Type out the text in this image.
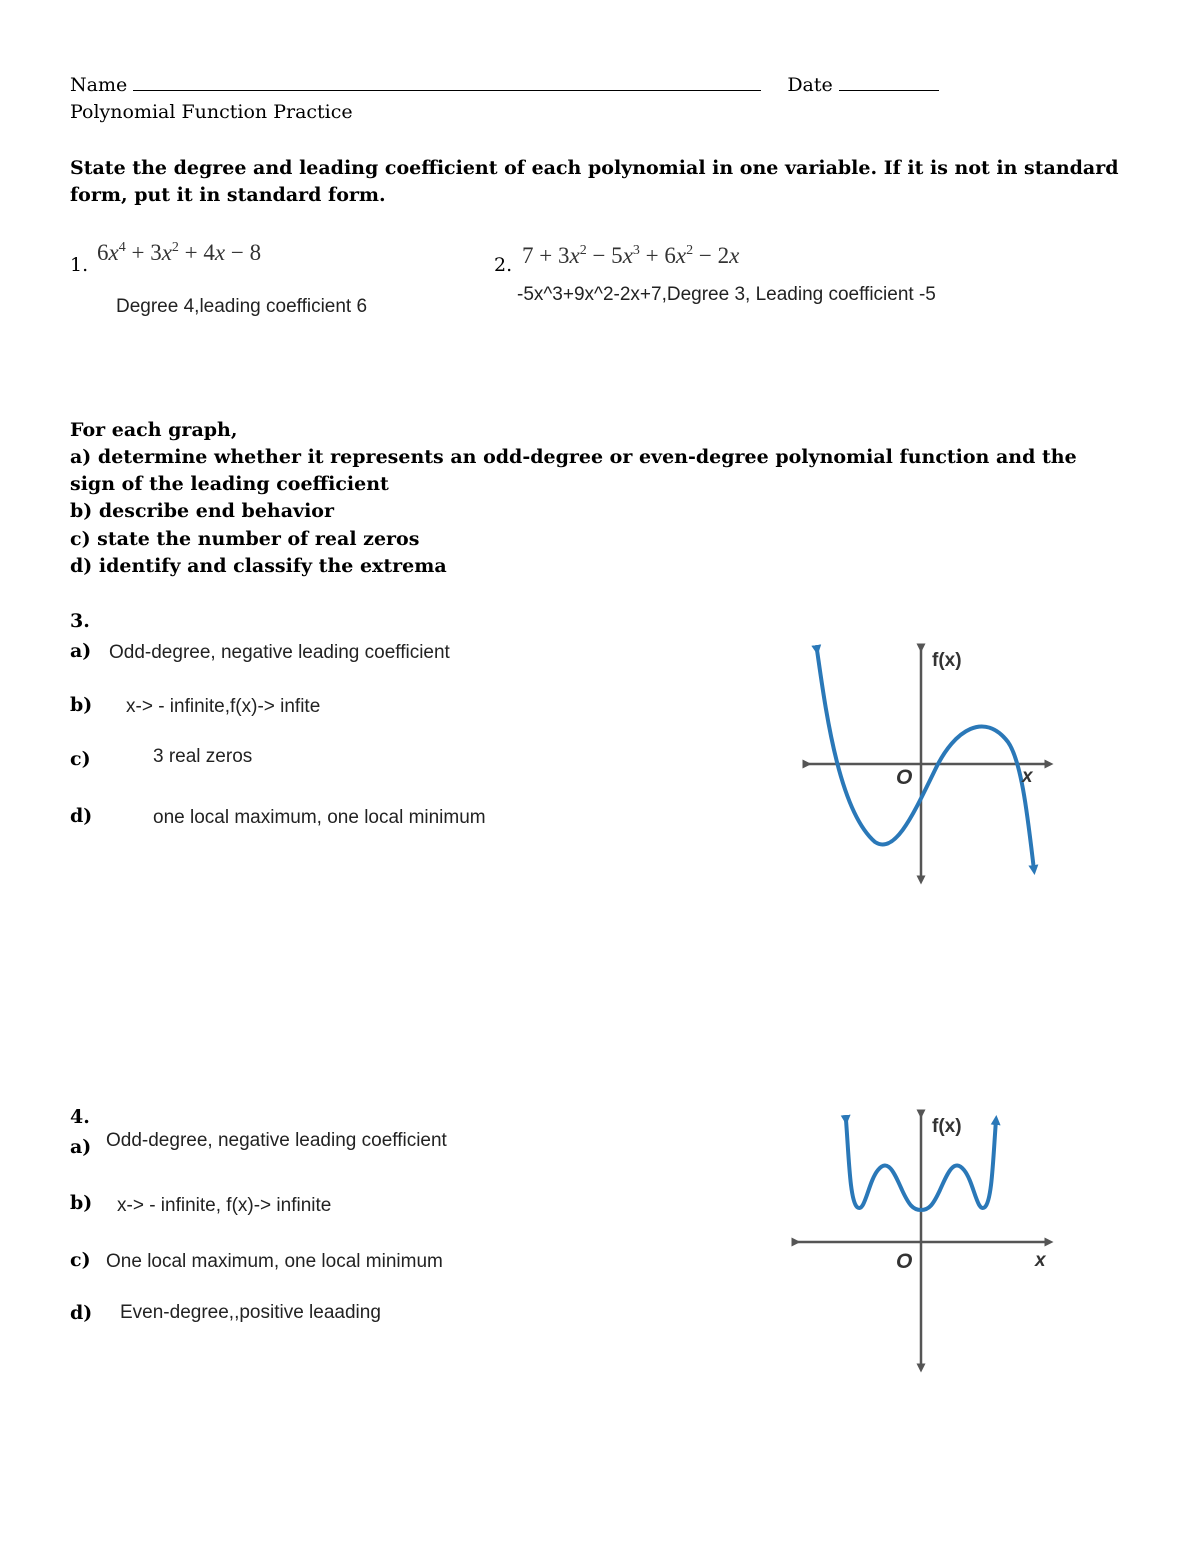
Name	Date
Polynomial Function Practice
State the degree and leading coefficient of each polynomial in one variable. If it is not in standard
form, put it in standard form.
1. $6x^4 + 3x^2 + 4x - 8$
Degree 4,leading coefficient 6
2. $7 + 3x^2 - 5x^3 + 6x^2 - 2x$
-5x^3+9x^2-2x+7,Degree 3, Leading coefficient -5
For each graph,
a) determine whether it represents an odd-degree or even-degree polynomial function and the
sign of the leading coefficient
b) describe end behavior
c) state the number of real zeros
d) identify and classify the extrema
3.
a) Odd-degree, negative leading coefficient
b) x-> - infinite,f(x)-> infite
c)	3 real zeros
d)	one local maximum, one local minimum
f(x)
O	x
4.
a) Odd-degree, negative leading coefficient
b) x-> - infinite, f(x)-> infinite
c) One local maximum, one local minimum
d) Even-degree,,positive leaading
f(x)
O	x
